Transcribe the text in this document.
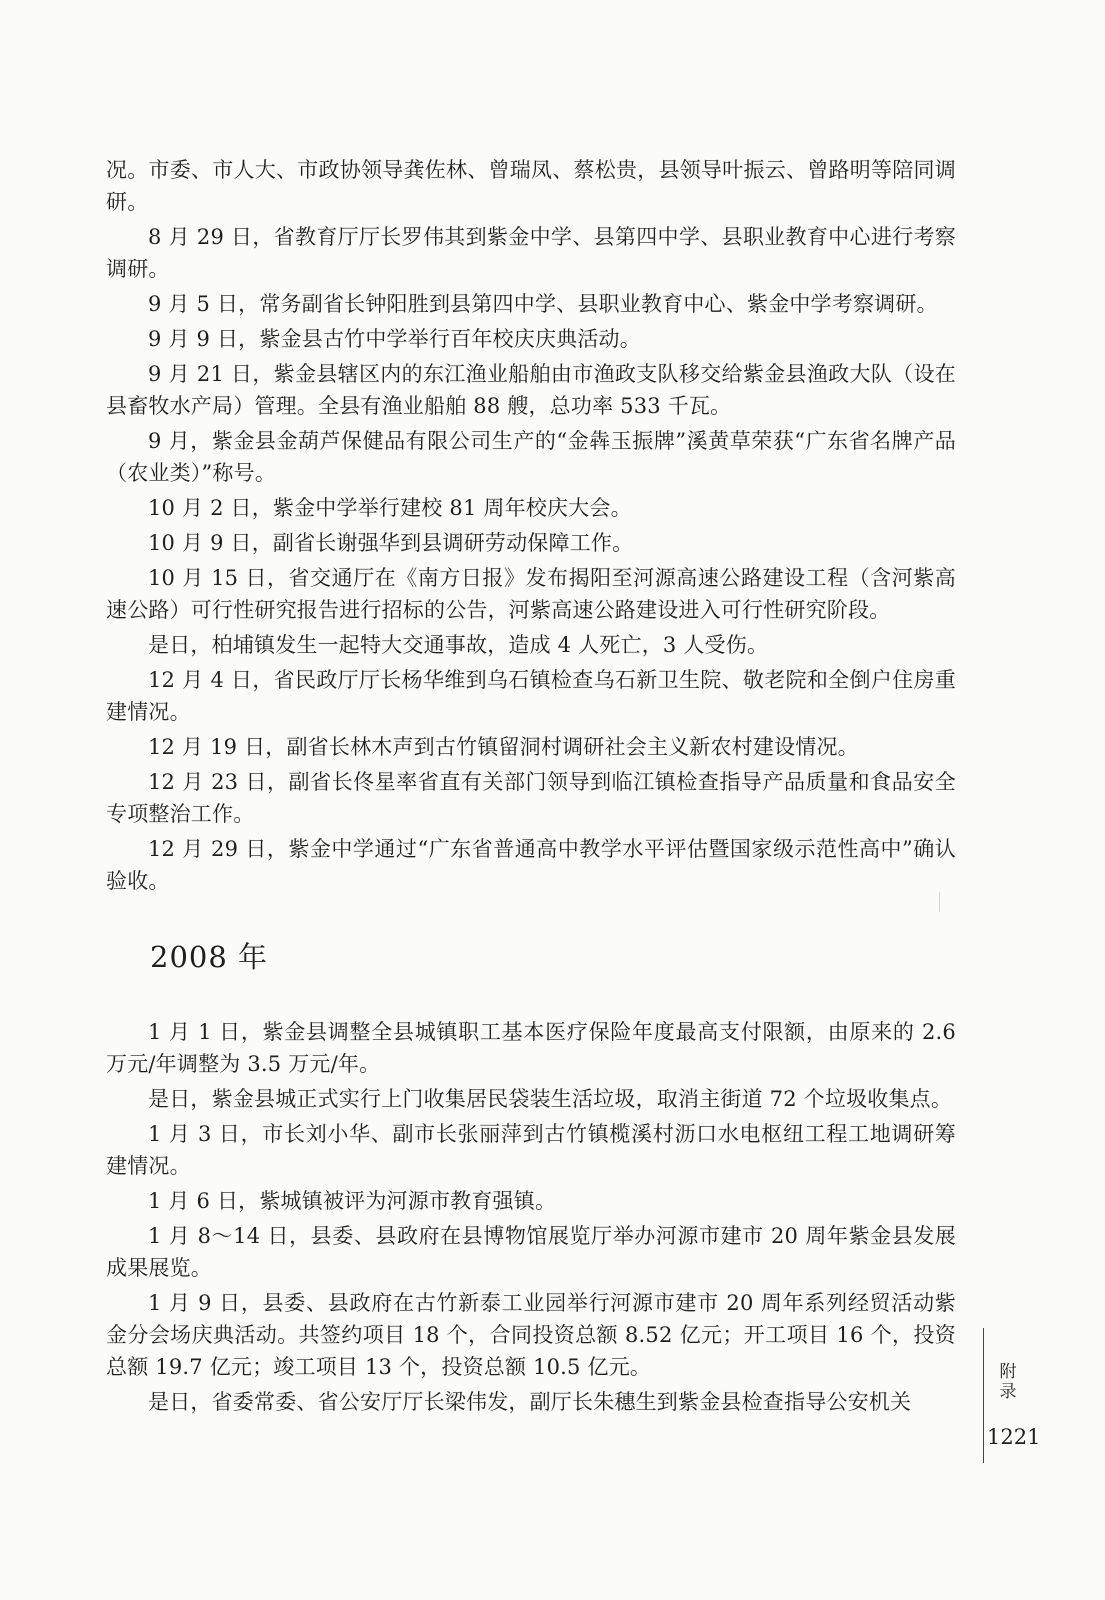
况。市委、市人大、市政协领导龚佐林、曾瑞凤、蔡松贵，县领导叶振云、曾路明等陪同调研。

8 月 29 日，省教育厅厅长罗伟其到紫金中学、县第四中学、县职业教育中心进行考察调研。

9 月 5 日，常务副省长钟阳胜到县第四中学、县职业教育中心、紫金中学考察调研。

9 月 9 日，紫金县古竹中学举行百年校庆庆典活动。

9 月 21 日，紫金县辖区内的东江渔业船舶由市渔政支队移交给紫金县渔政大队（设在县畜牧水产局）管理。全县有渔业船舶 88 艘，总功率 533 千瓦。

9 月，紫金县金葫芦保健品有限公司生产的“金犇玉振牌”溪黄草荣获“广东省名牌产品（农业类）”称号。

10 月 2 日，紫金中学举行建校 81 周年校庆大会。

10 月 9 日，副省长谢强华到县调研劳动保障工作。

10 月 15 日，省交通厅在《南方日报》发布揭阳至河源高速公路建设工程（含河紫高速公路）可行性研究报告进行招标的公告，河紫高速公路建设进入可行性研究阶段。

是日，柏埔镇发生一起特大交通事故，造成 4 人死亡，3 人受伤。

12 月 4 日，省民政厅厅长杨华维到乌石镇检查乌石新卫生院、敬老院和全倒户住房重建情况。

12 月 19 日，副省长林木声到古竹镇留洞村调研社会主义新农村建设情况。

12 月 23 日，副省长佟星率省直有关部门领导到临江镇检查指导产品质量和食品安全专项整治工作。

12 月 29 日，紫金中学通过“广东省普通高中教学水平评估暨国家级示范性高中”确认验收。

2008 年

1 月 1 日，紫金县调整全县城镇职工基本医疗保险年度最高支付限额，由原来的 2.6万元/年调整为 3.5 万元/年。

是日，紫金县城正式实行上门收集居民袋装生活垃圾，取消主街道 72 个垃圾收集点。

1 月 3 日，市长刘小华、副市长张丽萍到古竹镇榄溪村沥口水电枢纽工程工地调研筹建情况。

1 月 6 日，紫城镇被评为河源市教育强镇。

1 月 8～14 日，县委、县政府在县博物馆展览厅举办河源市建市 20 周年紫金县发展成果展览。

1 月 9 日，县委、县政府在古竹新泰工业园举行河源市建市 20 周年系列经贸活动紫金分会场庆典活动。共签约项目 18 个，合同投资总额 8.52 亿元；开工项目 16 个，投资总额 19.7 亿元；竣工项目 13 个，投资总额 10.5 亿元。

是日，省委常委、省公安厅厅长梁伟发，副厅长朱穗生到紫金县检查指导公安机关

附
录
1221
